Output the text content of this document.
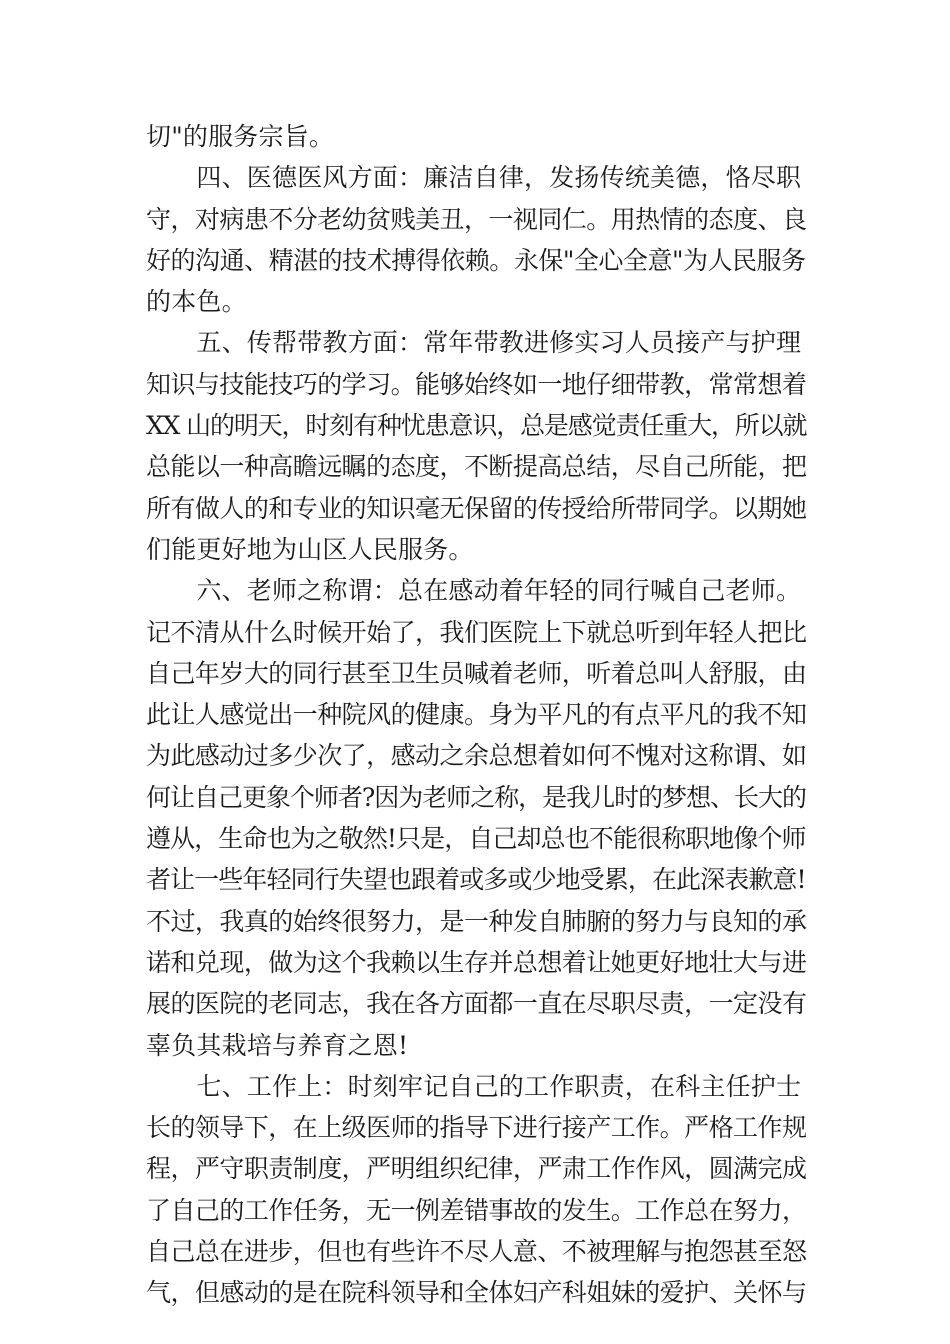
切"的服务宗旨。
　　四、医德医风方面：廉洁自律，发扬传统美德，恪尽职
守，对病患不分老幼贫贱美丑，一视同仁。用热情的态度、良
好的沟通、精湛的技术搏得依赖。永保"全心全意"为人民服务
的本色。
　　五、传帮带教方面：常年带教进修实习人员接产与护理
知识与技能技巧的学习。能够始终如一地仔细带教，常常想着
XX 山的明天，时刻有种忧患意识，总是感觉责任重大，所以就
总能以一种高瞻远瞩的态度，不断提高总结，尽自己所能，把
所有做人的和专业的知识毫无保留的传授给所带同学。以期她
们能更好地为山区人民服务。
　　六、老师之称谓：总在感动着年轻的同行喊自己老师。
记不清从什么时候开始了，我们医院上下就总听到年轻人把比
自己年岁大的同行甚至卫生员喊着老师，听着总叫人舒服，由
此让人感觉出一种院风的健康。身为平凡的有点平凡的我不知
为此感动过多少次了，感动之余总想着如何不愧对这称谓、如
何让自己更象个师者?因为老师之称，是我儿时的梦想、长大的
遵从，生命也为之敬然!只是，自己却总也不能很称职地像个师
者让一些年轻同行失望也跟着或多或少地受累，在此深表歉意!
不过，我真的始终很努力，是一种发自肺腑的努力与良知的承
诺和兑现，做为这个我赖以生存并总想着让她更好地壮大与进
展的医院的老同志，我在各方面都一直在尽职尽责，一定没有
辜负其栽培与养育之恩!
　　七、工作上：时刻牢记自己的工作职责，在科主任护士
长的领导下，在上级医师的指导下进行接产工作。严格工作规
程，严守职责制度，严明组织纪律，严肃工作作风，圆满完成
了自己的工作任务，无一例差错事故的发生。工作总在努力，
自己总在进步，但也有些许不尽人意、不被理解与抱怨甚至怒
气，但感动的是在院科领导和全体妇产科姐妹的爱护、关怀与
